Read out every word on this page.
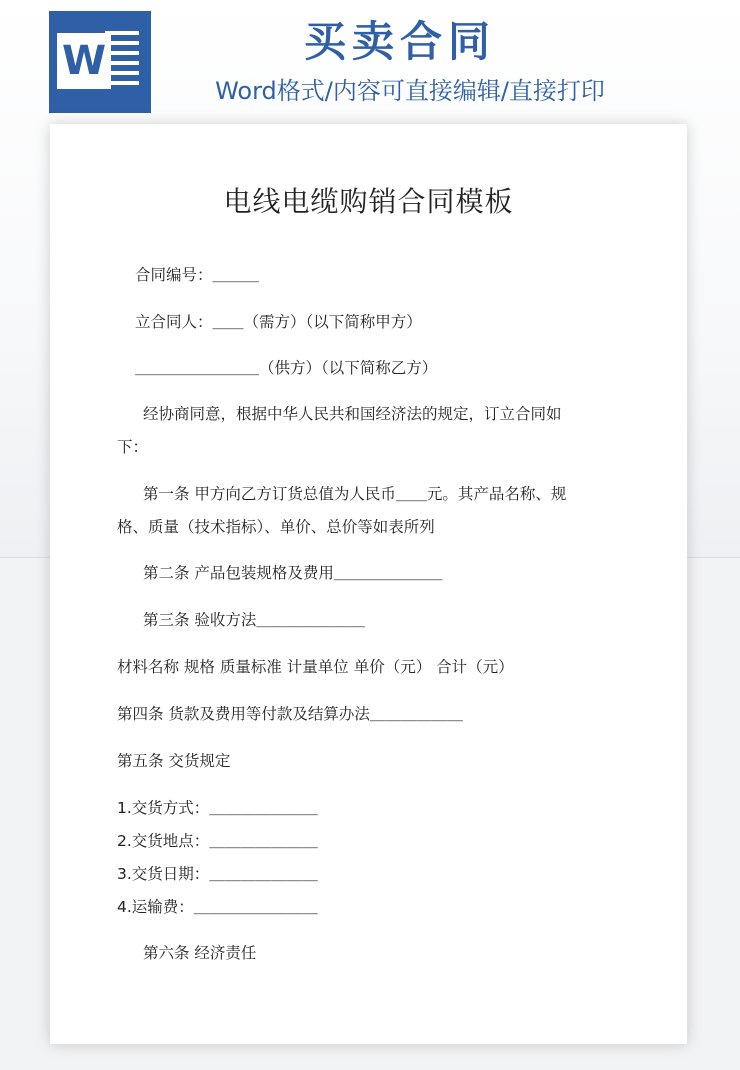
W	买卖合同
Word格式/内容可直接编辑/直接打印
电线电缆购销合同模板
合同编号：＿＿＿
立合同人：＿＿（需方）（以下简称甲方）
＿＿＿＿＿＿＿＿（供方）（以下简称乙方）
经协商同意，根据中华人民共和国经济法的规定，订立合同如
下：
第一条 甲方向乙方订货总值为人民币＿＿元。其产品名称、规
格、质量（技术指标）、单价、总价等如表所列
第二条 产品包装规格及费用＿＿＿＿＿＿＿
第三条 验收方法＿＿＿＿＿＿＿
材料名称 规格 质量标准 计量单位 单价（元） 合计（元）
第四条 货款及费用等付款及结算办法＿＿＿＿＿＿
第五条 交货规定
1.交货方式：＿＿＿＿＿＿＿
2.交货地点：＿＿＿＿＿＿＿
3.交货日期：＿＿＿＿＿＿＿
4.运输费：＿＿＿＿＿＿＿＿
第六条 经济责任
